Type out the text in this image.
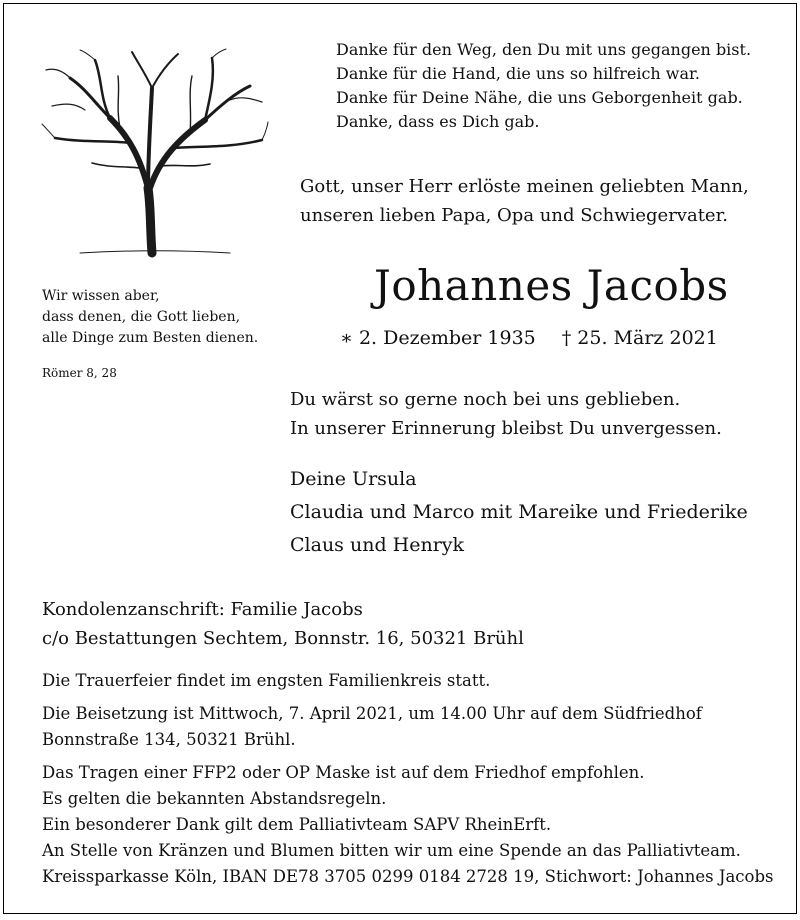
Danke für den Weg, den Du mit uns gegangen bist.
Danke für die Hand, die uns so hilfreich war.
Danke für Deine Nähe, die uns Geborgenheit gab.
Danke, dass es Dich gab.
Gott, unser Herr erlöste meinen geliebten Mann,
unseren lieben Papa, Opa und Schwiegervater.
Johannes Jacobs
∗ 2. Dezember 1935 † 25. März 2021
Wir wissen aber,
dass denen, die Gott lieben,
alle Dinge zum Besten dienen.
Römer 8, 28
Du wärst so gerne noch bei uns geblieben.
In unserer Erinnerung bleibst Du unvergessen.
Deine Ursula
Claudia und Marco mit Mareike und Friederike
Claus und Henryk
Kondolenzanschrift: Familie Jacobs
c/o Bestattungen Sechtem, Bonnstr. 16, 50321 Brühl
Die Trauerfeier findet im engsten Familienkreis statt.
Die Beisetzung ist Mittwoch, 7. April 2021, um 14.00 Uhr auf dem Südfriedhof
Bonnstraße 134, 50321 Brühl.
Das Tragen einer FFP2 oder OP Maske ist auf dem Friedhof empfohlen.
Es gelten die bekannten Abstandsregeln.
Ein besonderer Dank gilt dem Palliativteam SAPV RheinErft.
An Stelle von Kränzen und Blumen bitten wir um eine Spende an das Palliativteam.
Kreissparkasse Köln, IBAN DE78 3705 0299 0184 2728 19, Stichwort: Johannes Jacobs
